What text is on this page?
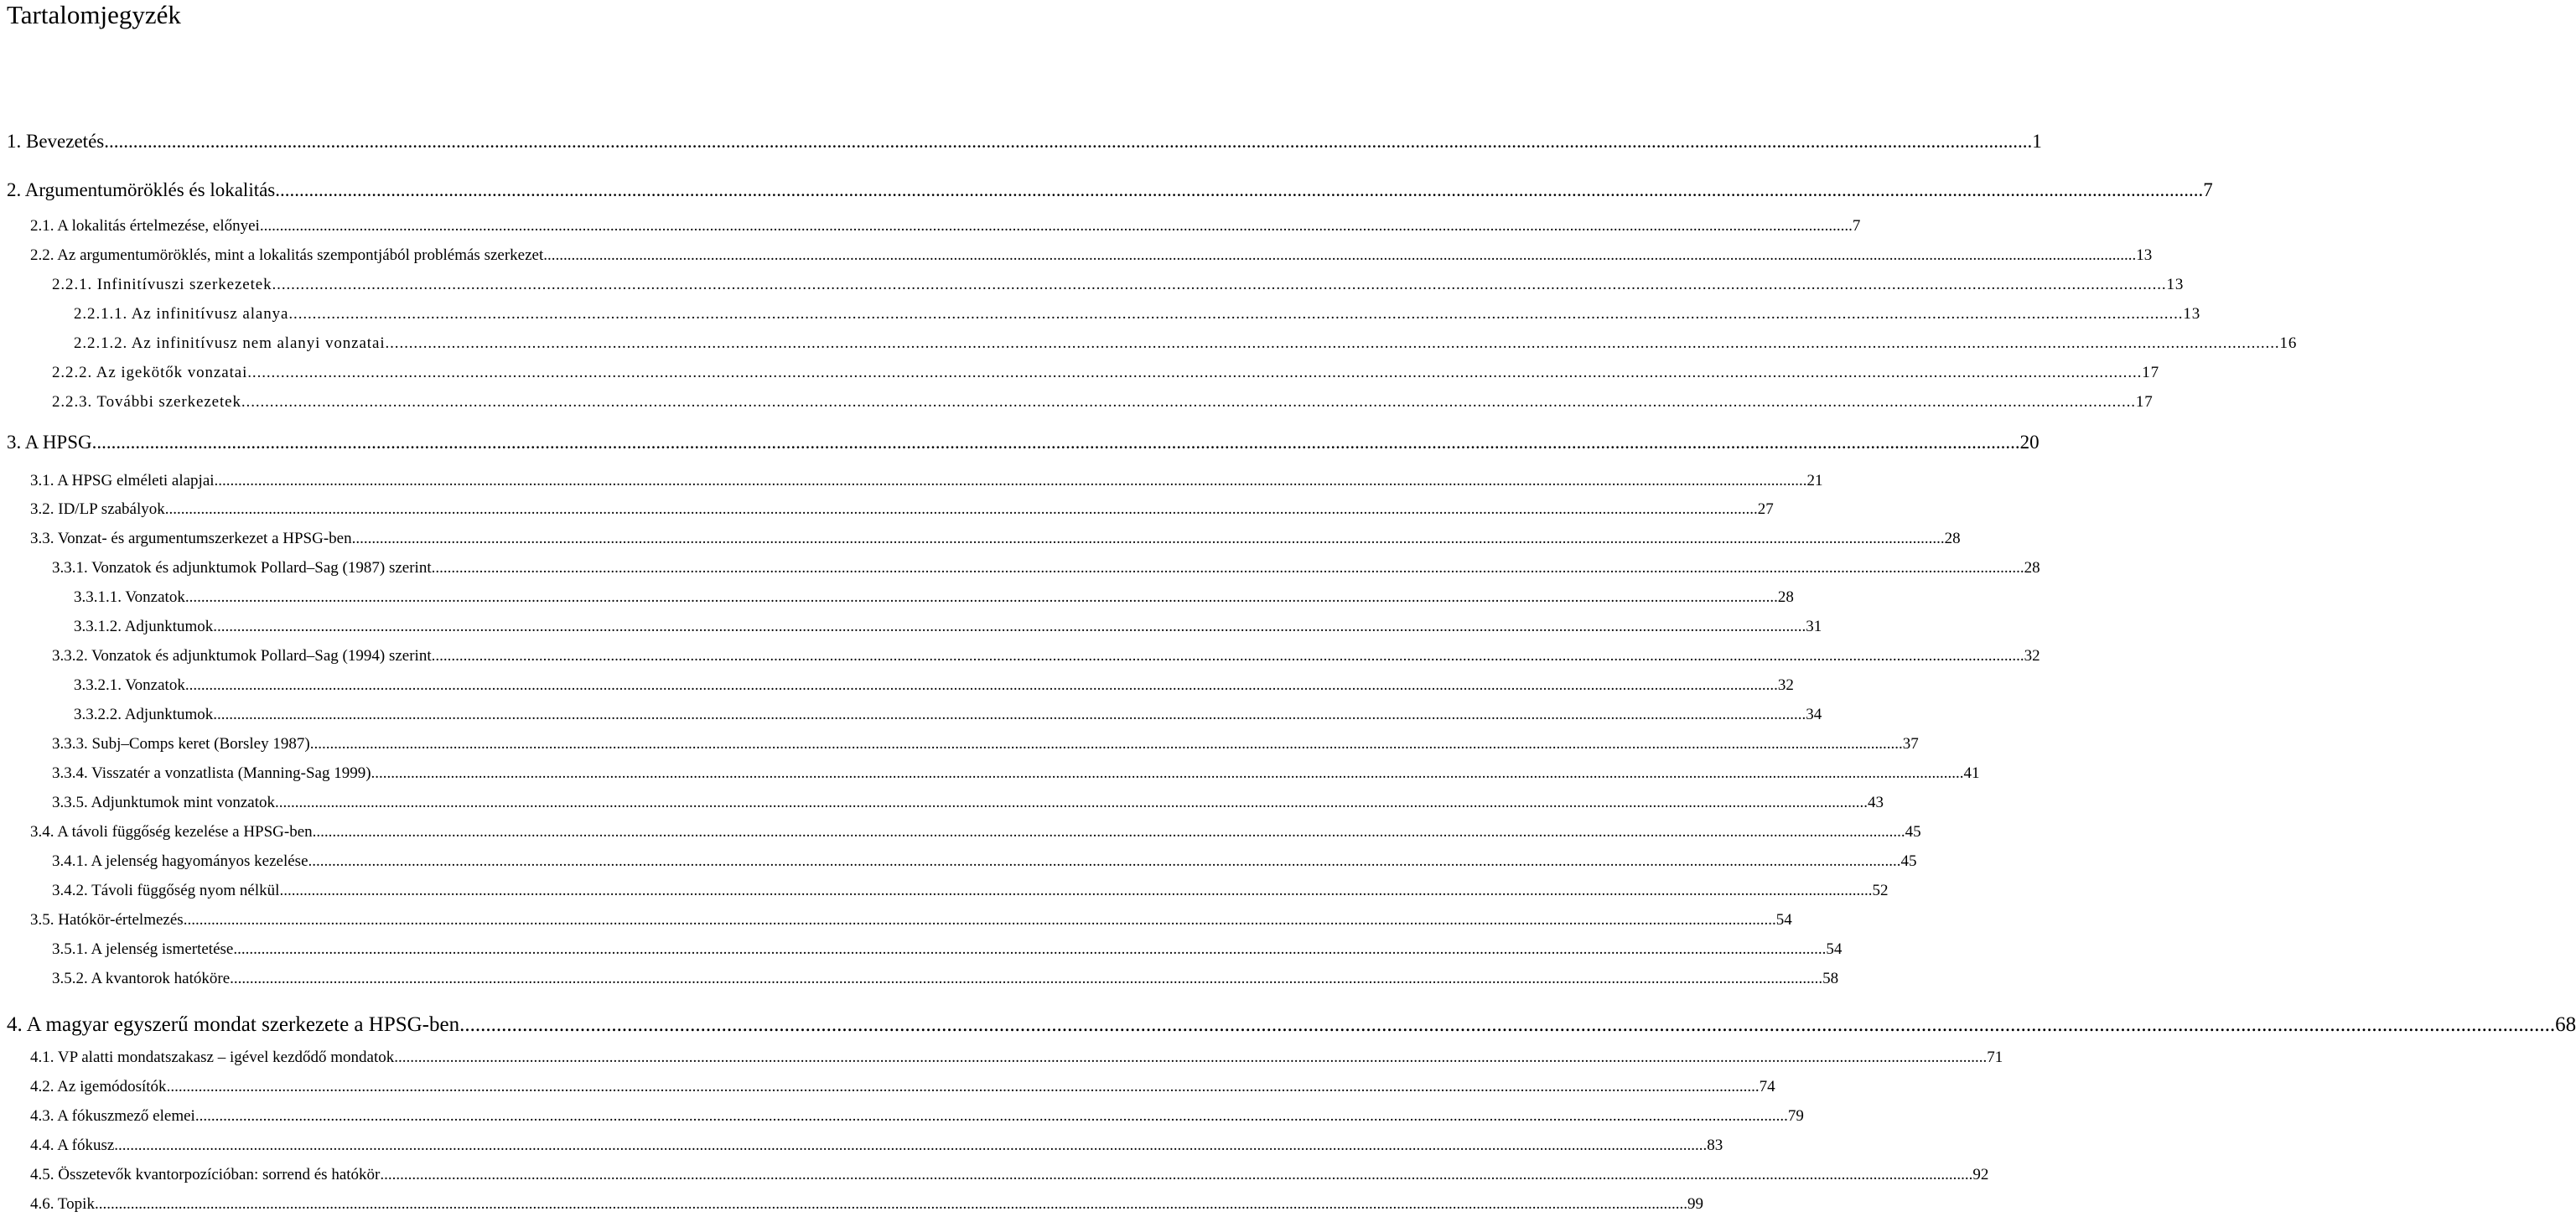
Tartalomjegyzék
1. Bevezetés ................................................................................................................................................................................................................................................................................................................................................................................................................ 1
2. Argumentumöröklés és lokalitás ................................................................................................................................................................................................................................................................................................................................................................................................................ 7
2.1. A lokalitás értelmezése, előnyei ................................................................................................................................................................................................................................................................................................................................................................................................................ 7
2.2. Az argumentumöröklés, mint a lokalitás szempontjából problémás szerkezet ................................................................................................................................................................................................................................................................................................................................................................................................................ 13
2.2.1. Infinitívuszi szerkezetek ................................................................................................................................................................................................................................................................................................................................................................................................................ 13
2.2.1.1. Az infinitívusz alanya ................................................................................................................................................................................................................................................................................................................................................................................................................ 13
2.2.1.2. Az infinitívusz nem alanyi vonzatai ................................................................................................................................................................................................................................................................................................................................................................................................................ 16
2.2.2. Az igekötők vonzatai ................................................................................................................................................................................................................................................................................................................................................................................................................ 17
2.2.3. További szerkezetek ................................................................................................................................................................................................................................................................................................................................................................................................................ 17
3. A HPSG ................................................................................................................................................................................................................................................................................................................................................................................................................ 20
3.1. A HPSG elméleti alapjai ................................................................................................................................................................................................................................................................................................................................................................................................................ 21
3.2. ID/LP szabályok ................................................................................................................................................................................................................................................................................................................................................................................................................ 27
3.3. Vonzat- és argumentumszerkezet a HPSG-ben ................................................................................................................................................................................................................................................................................................................................................................................................................ 28
3.3.1. Vonzatok és adjunktumok Pollard–Sag (1987) szerint ................................................................................................................................................................................................................................................................................................................................................................................................................ 28
3.3.1.1. Vonzatok ................................................................................................................................................................................................................................................................................................................................................................................................................ 28
3.3.1.2. Adjunktumok ................................................................................................................................................................................................................................................................................................................................................................................................................ 31
3.3.2. Vonzatok és adjunktumok Pollard–Sag (1994) szerint ................................................................................................................................................................................................................................................................................................................................................................................................................ 32
3.3.2.1. Vonzatok ................................................................................................................................................................................................................................................................................................................................................................................................................ 32
3.3.2.2. Adjunktumok ................................................................................................................................................................................................................................................................................................................................................................................................................ 34
3.3.3. Subj–Comps keret (Borsley 1987) ................................................................................................................................................................................................................................................................................................................................................................................................................ 37
3.3.4. Visszatér a vonzatlista (Manning-Sag 1999) ................................................................................................................................................................................................................................................................................................................................................................................................................ 41
3.3.5. Adjunktumok mint vonzatok ................................................................................................................................................................................................................................................................................................................................................................................................................ 43
3.4. A távoli függőség kezelése a HPSG-ben ................................................................................................................................................................................................................................................................................................................................................................................................................ 45
3.4.1. A jelenség hagyományos kezelése ................................................................................................................................................................................................................................................................................................................................................................................................................ 45
3.4.2. Távoli függőség nyom nélkül ................................................................................................................................................................................................................................................................................................................................................................................................................ 52
3.5. Hatókör-értelmezés ................................................................................................................................................................................................................................................................................................................................................................................................................ 54
3.5.1. A jelenség ismertetése ................................................................................................................................................................................................................................................................................................................................................................................................................ 54
3.5.2. A kvantorok hatóköre ................................................................................................................................................................................................................................................................................................................................................................................................................ 58
4. A magyar egyszerű mondat szerkezete a HPSG-ben ................................................................................................................................................................................................................................................................................................................................................................................................................ 68
4.1. VP alatti mondatszakasz – igével kezdődő mondatok ................................................................................................................................................................................................................................................................................................................................................................................................................ 71
4.2. Az igemódosítók ................................................................................................................................................................................................................................................................................................................................................................................................................ 74
4.3. A fókuszmező elemei ................................................................................................................................................................................................................................................................................................................................................................................................................ 79
4.4. A fókusz ................................................................................................................................................................................................................................................................................................................................................................................................................ 83
4.5. Összetevők kvantorpozícióban: sorrend és hatókör ................................................................................................................................................................................................................................................................................................................................................................................................................ 92
4.6. Topik ................................................................................................................................................................................................................................................................................................................................................................................................................ 99
